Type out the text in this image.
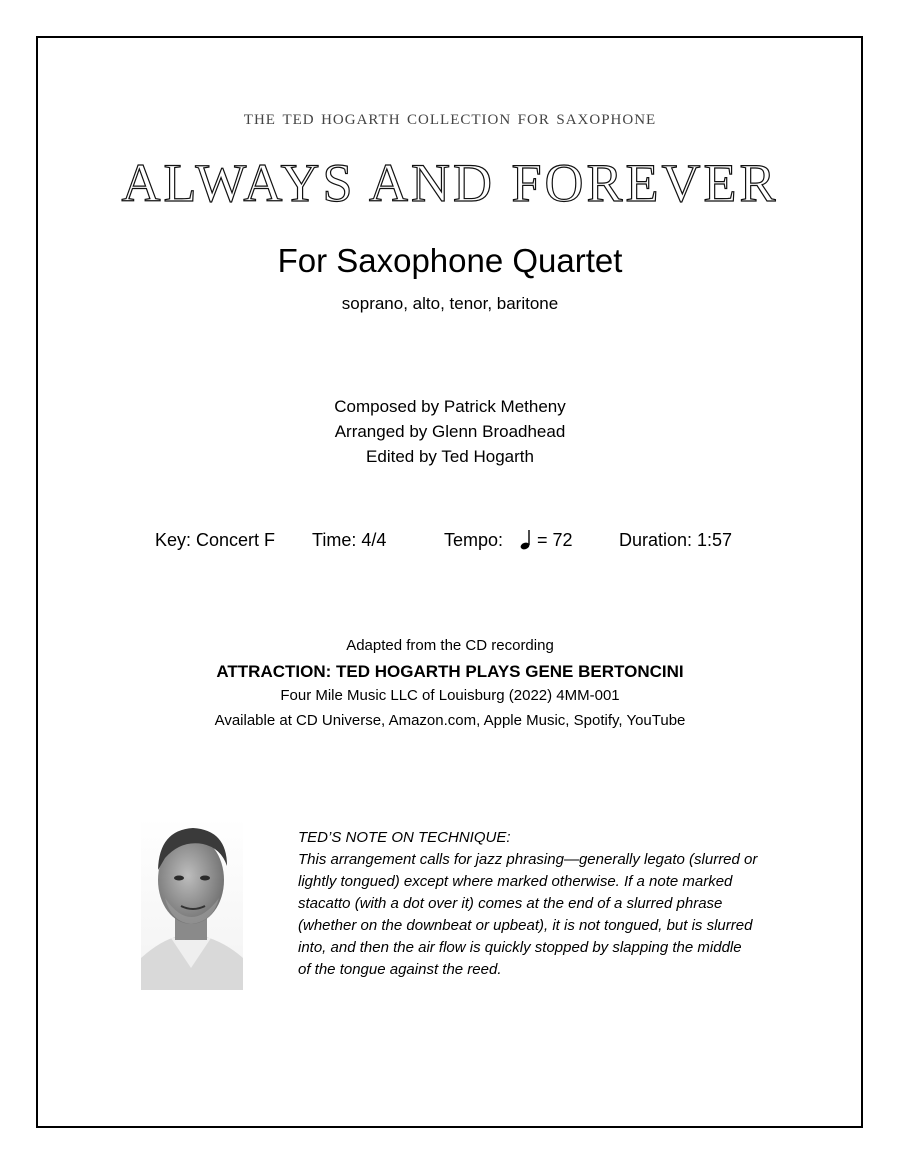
the ted hogarth collection for saxophone
ALWAYS AND FOREVER
For Saxophone Quartet
soprano, alto, tenor, baritone
Composed by Patrick Metheny
Arranged by Glenn Broadhead
Edited by Ted Hogarth
Key: Concert F Time: 4/4	Tempo: = 72	Duration: 1:57
Adapted from the CD recording
ATTRACTION: TED HOGARTH PLAYS GENE BERTONCINI
Four Mile Music LLC of Louisburg (2022) 4MM-001
Available at CD Universe, Amazon.com, Apple Music, Spotify, YouTube
TED’S NOTE ON TECHNIQUE:
This arrangement calls for jazz phrasing—generally legato (slurred or
lightly tongued) except where marked otherwise. If a note marked
stacatto (with a dot over it) comes at the end of a slurred phrase
(whether on the downbeat or upbeat), it is not tongued, but is slurred
into, and then the air flow is quickly stopped by slapping the middle
of the tongue against the reed.
